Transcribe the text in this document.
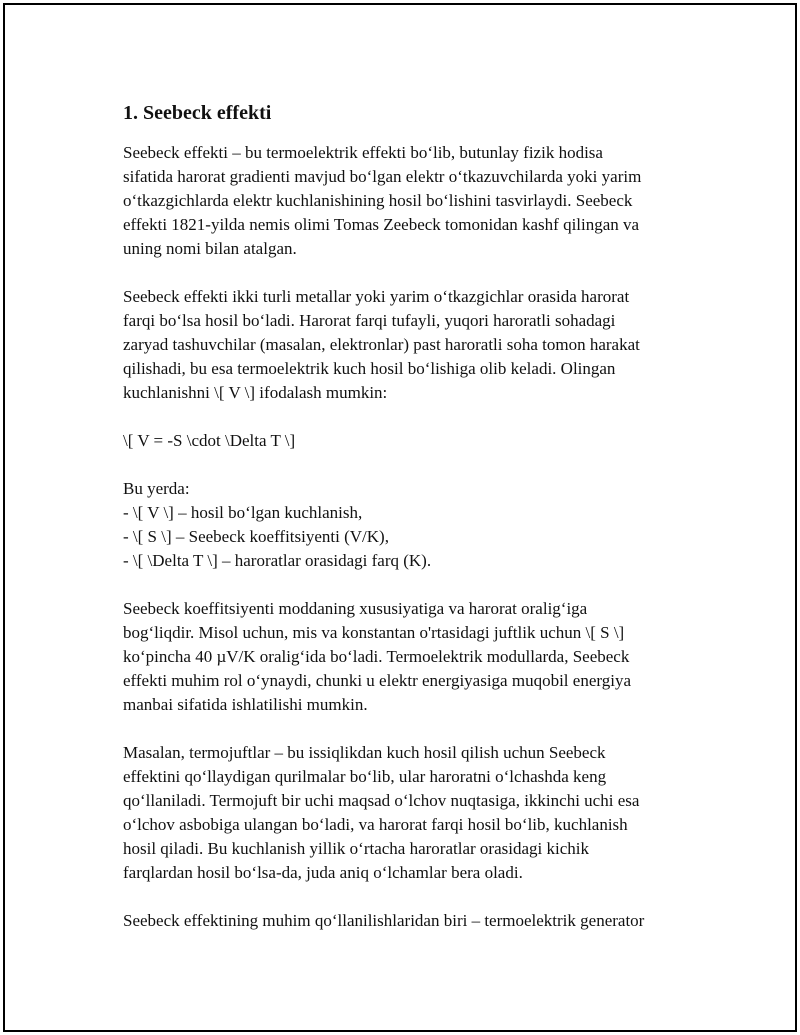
1. Seebeck effekti
Seebeck effekti – bu termoelektrik effekti bo‘lib, butunlay fizik hodisa
sifatida harorat gradienti mavjud bo‘lgan elektr o‘tkazuvchilarda yoki yarim
o‘tkazgichlarda elektr kuchlanishining hosil bo‘lishini tasvirlaydi. Seebeck
effekti 1821-yilda nemis olimi Tomas Zeebeck tomonidan kashf qilingan va
uning nomi bilan atalgan.
Seebeck effekti ikki turli metallar yoki yarim o‘tkazgichlar orasida harorat
farqi bo‘lsa hosil bo‘ladi. Harorat farqi tufayli, yuqori haroratli sohadagi
zaryad tashuvchilar (masalan, elektronlar) past haroratli soha tomon harakat
qilishadi, bu esa termoelektrik kuch hosil bo‘lishiga olib keladi. Olingan
kuchlanishni \[ V \] ifodalash mumkin:
\[ V = -S \cdot \Delta T \]
Bu yerda:
- \[ V \] – hosil bo‘lgan kuchlanish,
- \[ S \] – Seebeck koeffitsiyenti (V/K),
- \[ \Delta T \] – haroratlar orasidagi farq (K).
Seebeck koeffitsiyenti moddaning xususiyatiga va harorat oralig‘iga
bog‘liqdir. Misol uchun, mis va konstantan o'rtasidagi juftlik uchun \[ S \]
ko‘pincha 40 µV/K oralig‘ida bo‘ladi. Termoelektrik modullarda, Seebeck
effekti muhim rol o‘ynaydi, chunki u elektr energiyasiga muqobil energiya
manbai sifatida ishlatilishi mumkin.
Masalan, termojuftlar – bu issiqlikdan kuch hosil qilish uchun Seebeck
effektini qo‘llaydigan qurilmalar bo‘lib, ular haroratni o‘lchashda keng
qo‘llaniladi. Termojuft bir uchi maqsad o‘lchov nuqtasiga, ikkinchi uchi esa
o‘lchov asbobiga ulangan bo‘ladi, va harorat farqi hosil bo‘lib, kuchlanish
hosil qiladi. Bu kuchlanish yillik o‘rtacha haroratlar orasidagi kichik
farqlardan hosil bo‘lsa-da, juda aniq o‘lchamlar bera oladi.
Seebeck effektining muhim qo‘llanilishlaridan biri – termoelektrik generator
